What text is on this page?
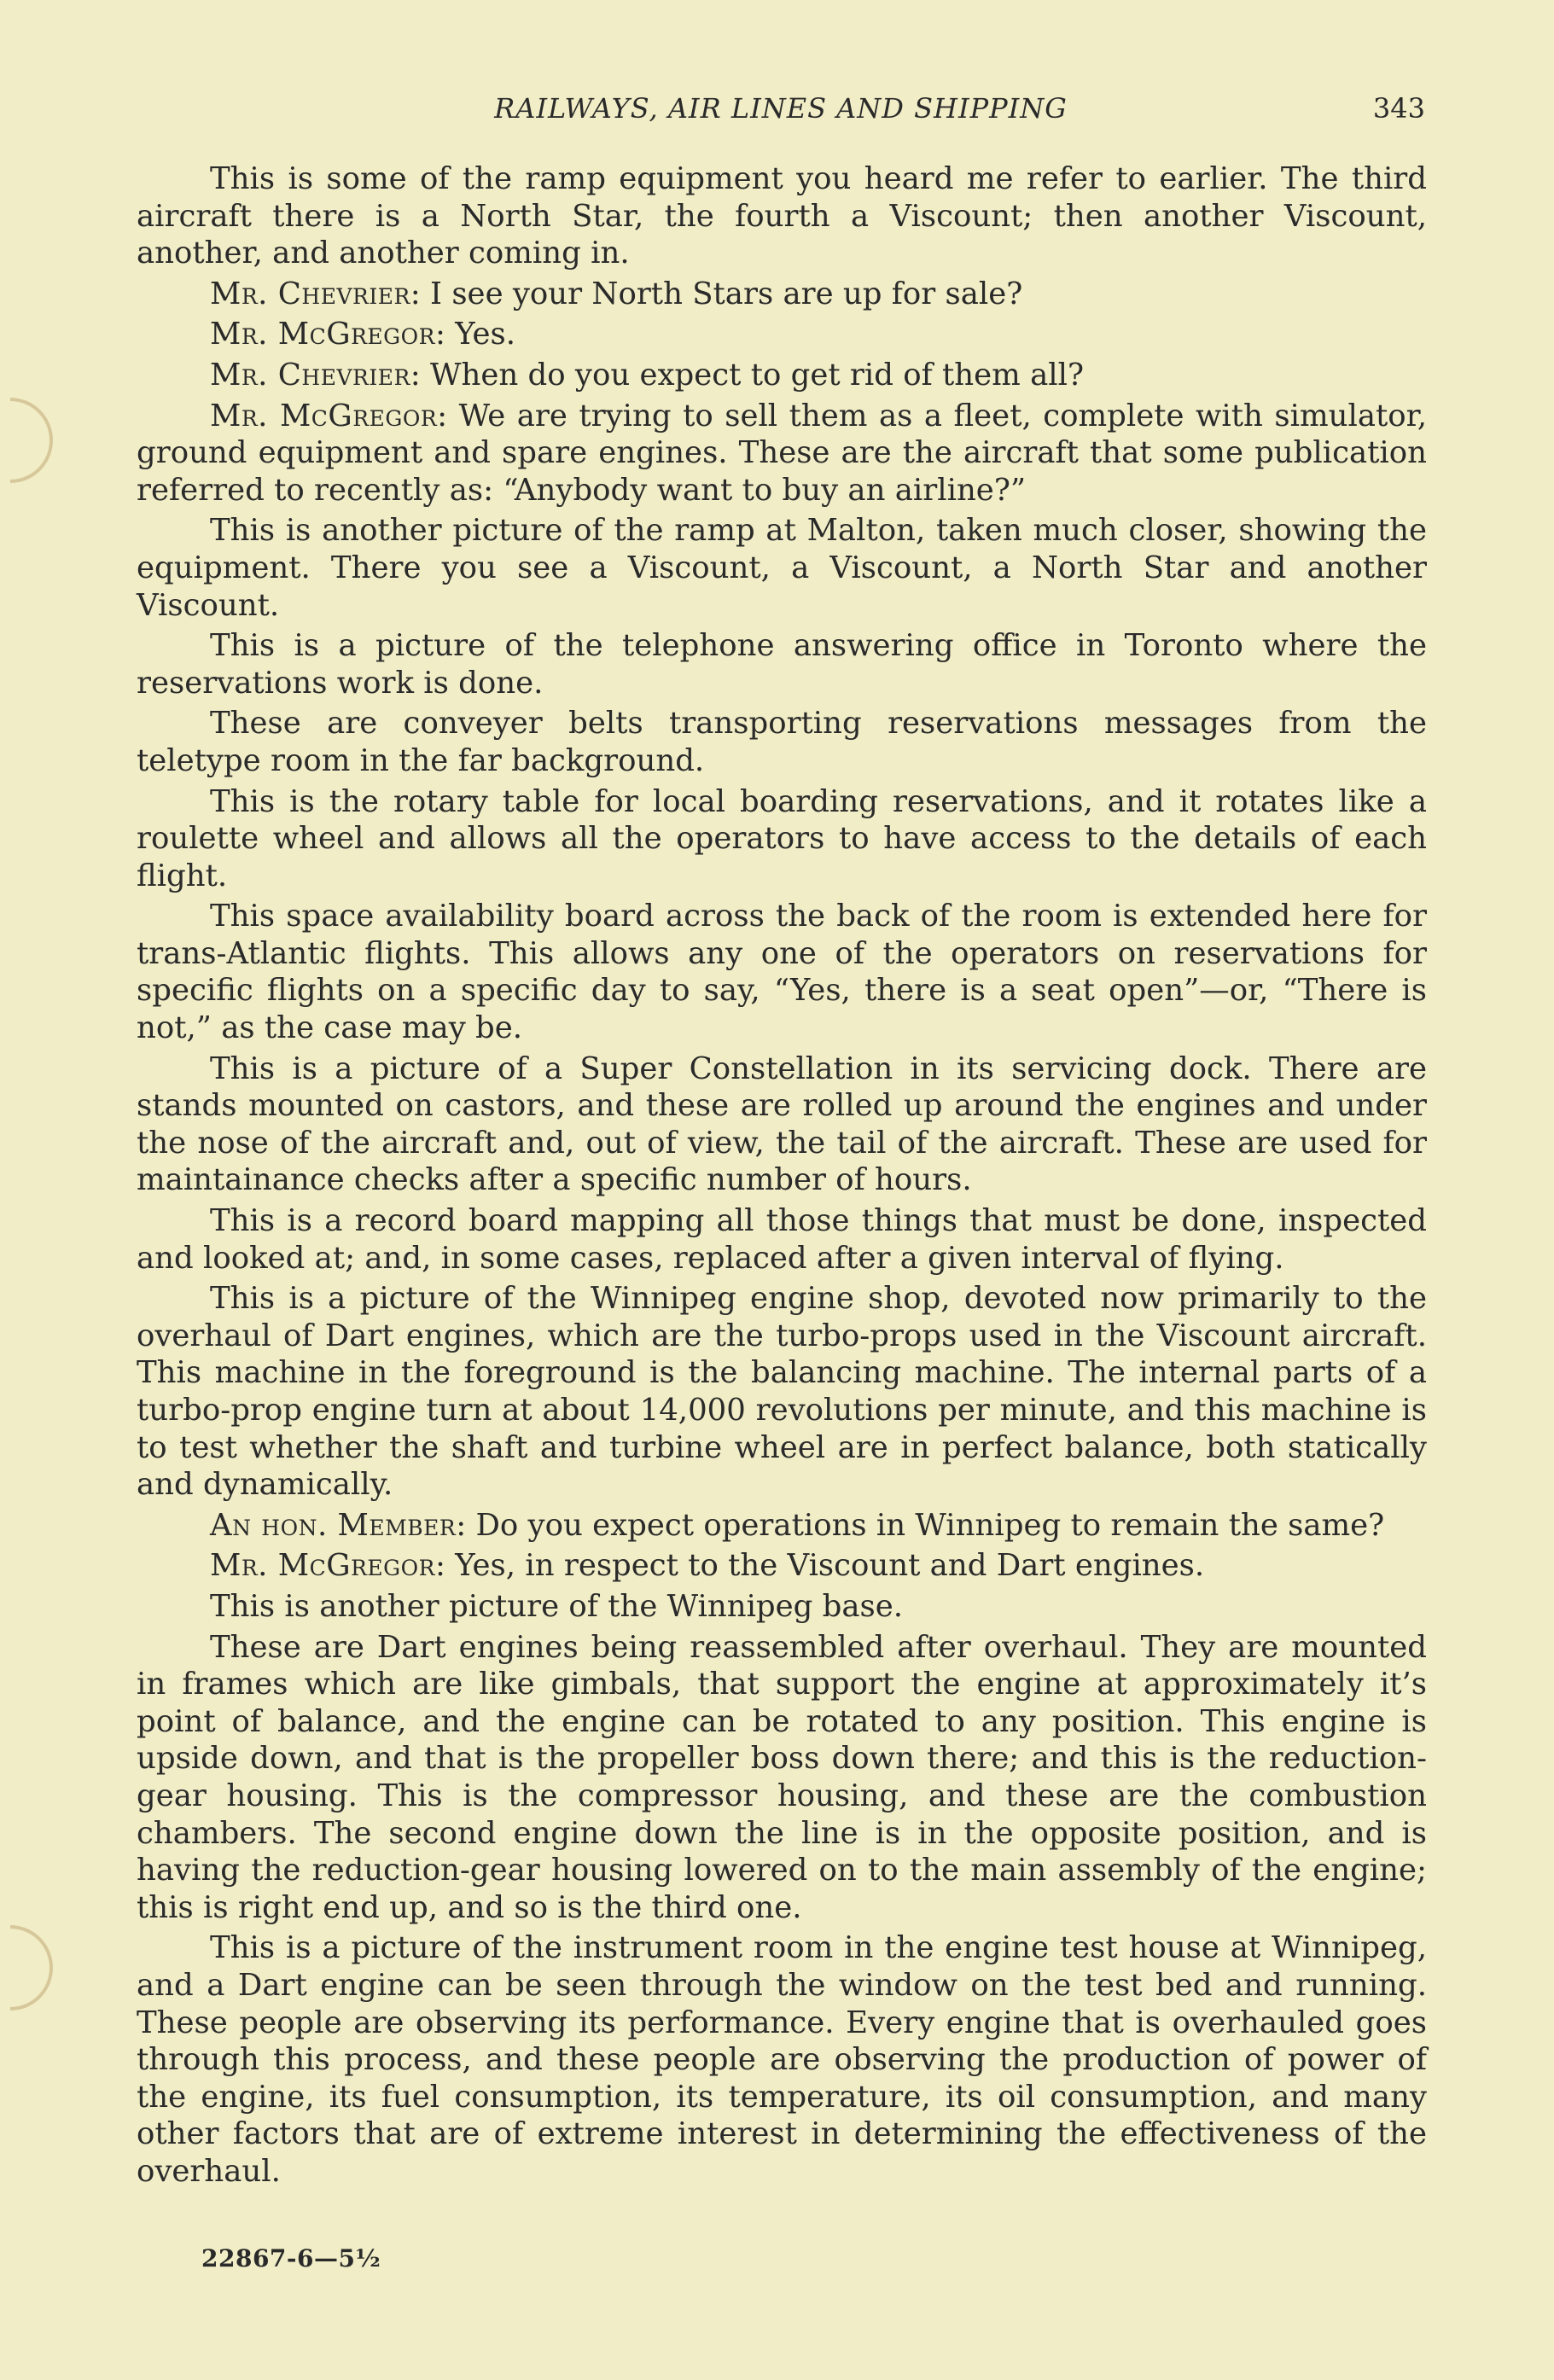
RAILWAYS, AIR LINES AND SHIPPING	343

This is some of the ramp equipment you heard me refer to earlier. The third aircraft there is a North Star, the fourth a Viscount; then another Viscount, another, and another coming in.

Mr. Chevrier: I see your North Stars are up for sale?

Mr. McGregor: Yes.

Mr. Chevrier: When do you expect to get rid of them all?

Mr. McGregor: We are trying to sell them as a fleet, complete with simulator, ground equipment and spare engines. These are the aircraft that some publication referred to recently as: “Anybody want to buy an airline?”

This is another picture of the ramp at Malton, taken much closer, showing the equipment. There you see a Viscount, a Viscount, a North Star and another Viscount.

This is a picture of the telephone answering office in Toronto where the reservations work is done.

These are conveyer belts transporting reservations messages from the teletype room in the far background.

This is the rotary table for local boarding reservations, and it rotates like a roulette wheel and allows all the operators to have access to the details of each flight.

This space availability board across the back of the room is extended here for trans-Atlantic flights. This allows any one of the operators on reservations for specific flights on a specific day to say, “Yes, there is a seat open”—or, “There is not,” as the case may be.

This is a picture of a Super Constellation in its servicing dock. There are stands mounted on castors, and these are rolled up around the engines and under the nose of the aircraft and, out of view, the tail of the aircraft. These are used for maintainance checks after a specific number of hours.

This is a record board mapping all those things that must be done, inspected and looked at; and, in some cases, replaced after a given interval of flying.

This is a picture of the Winnipeg engine shop, devoted now primarily to the overhaul of Dart engines, which are the turbo-props used in the Viscount aircraft. This machine in the foreground is the balancing machine. The internal parts of a turbo-prop engine turn at about 14,000 revolutions per minute, and this machine is to test whether the shaft and turbine wheel are in perfect balance, both statically and dynamically.

An hon. Member: Do you expect operations in Winnipeg to remain the same?

Mr. McGregor: Yes, in respect to the Viscount and Dart engines.

This is another picture of the Winnipeg base.

These are Dart engines being reassembled after overhaul. They are mounted in frames which are like gimbals, that support the engine at approximately it’s point of balance, and the engine can be rotated to any position. This engine is upside down, and that is the propeller boss down there; and this is the reduction-gear housing. This is the compressor housing, and these are the combustion chambers. The second engine down the line is in the opposite position, and is having the reduction-gear housing lowered on to the main assembly of the engine; this is right end up, and so is the third one.

This is a picture of the instrument room in the engine test house at Winnipeg, and a Dart engine can be seen through the window on the test bed and running. These people are observing its performance. Every engine that is overhauled goes through this process, and these people are observing the production of power of the engine, its fuel consumption, its temperature, its oil consumption, and many other factors that are of extreme interest in determining the effectiveness of the overhaul.

22867-6—5½
